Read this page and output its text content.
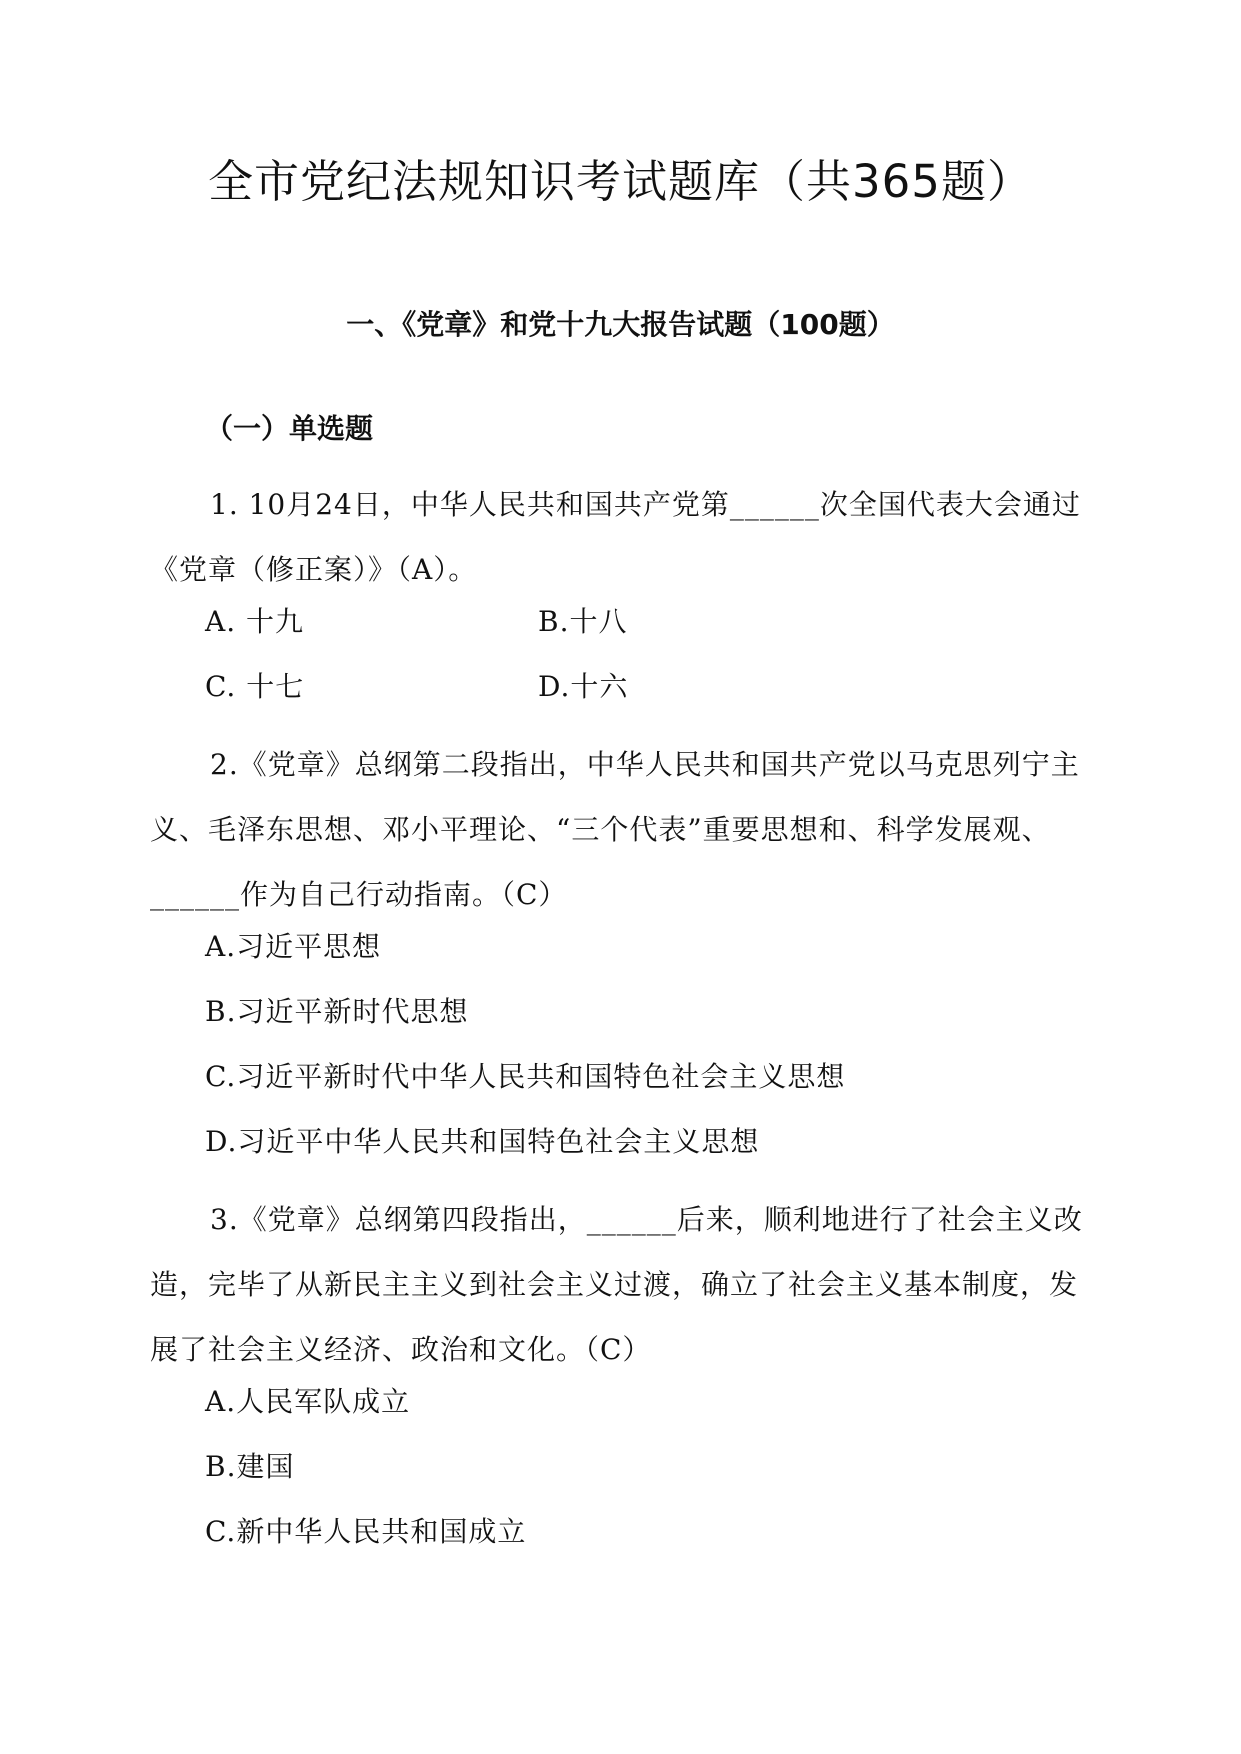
全市党纪法规知识考试题库（共365题）
一、《党章》和党十九大报告试题（100题）
（一）单选题

1. 10月24日，中华人民共和国共产党第______次全国代表大会通过《党章（修正案）》（A）。

A. 十九	B.十八
C. 十七	D.十六

2.《党章》总纲第二段指出，中华人民共和国共产党以马克思列宁主义、毛泽东思想、邓小平理论、“三个代表”重要思想和、科学发展观、______作为自己行动指南。（C）

A.习近平思想
B.习近平新时代思想
C.习近平新时代中华人民共和国特色社会主义思想
D.习近平中华人民共和国特色社会主义思想

3.《党章》总纲第四段指出，______后来，顺利地进行了社会主义改造，完毕了从新民主主义到社会主义过渡，确立了社会主义基本制度，发展了社会主义经济、政治和文化。（C）

A.人民军队成立
B.建国
C.新中华人民共和国成立
